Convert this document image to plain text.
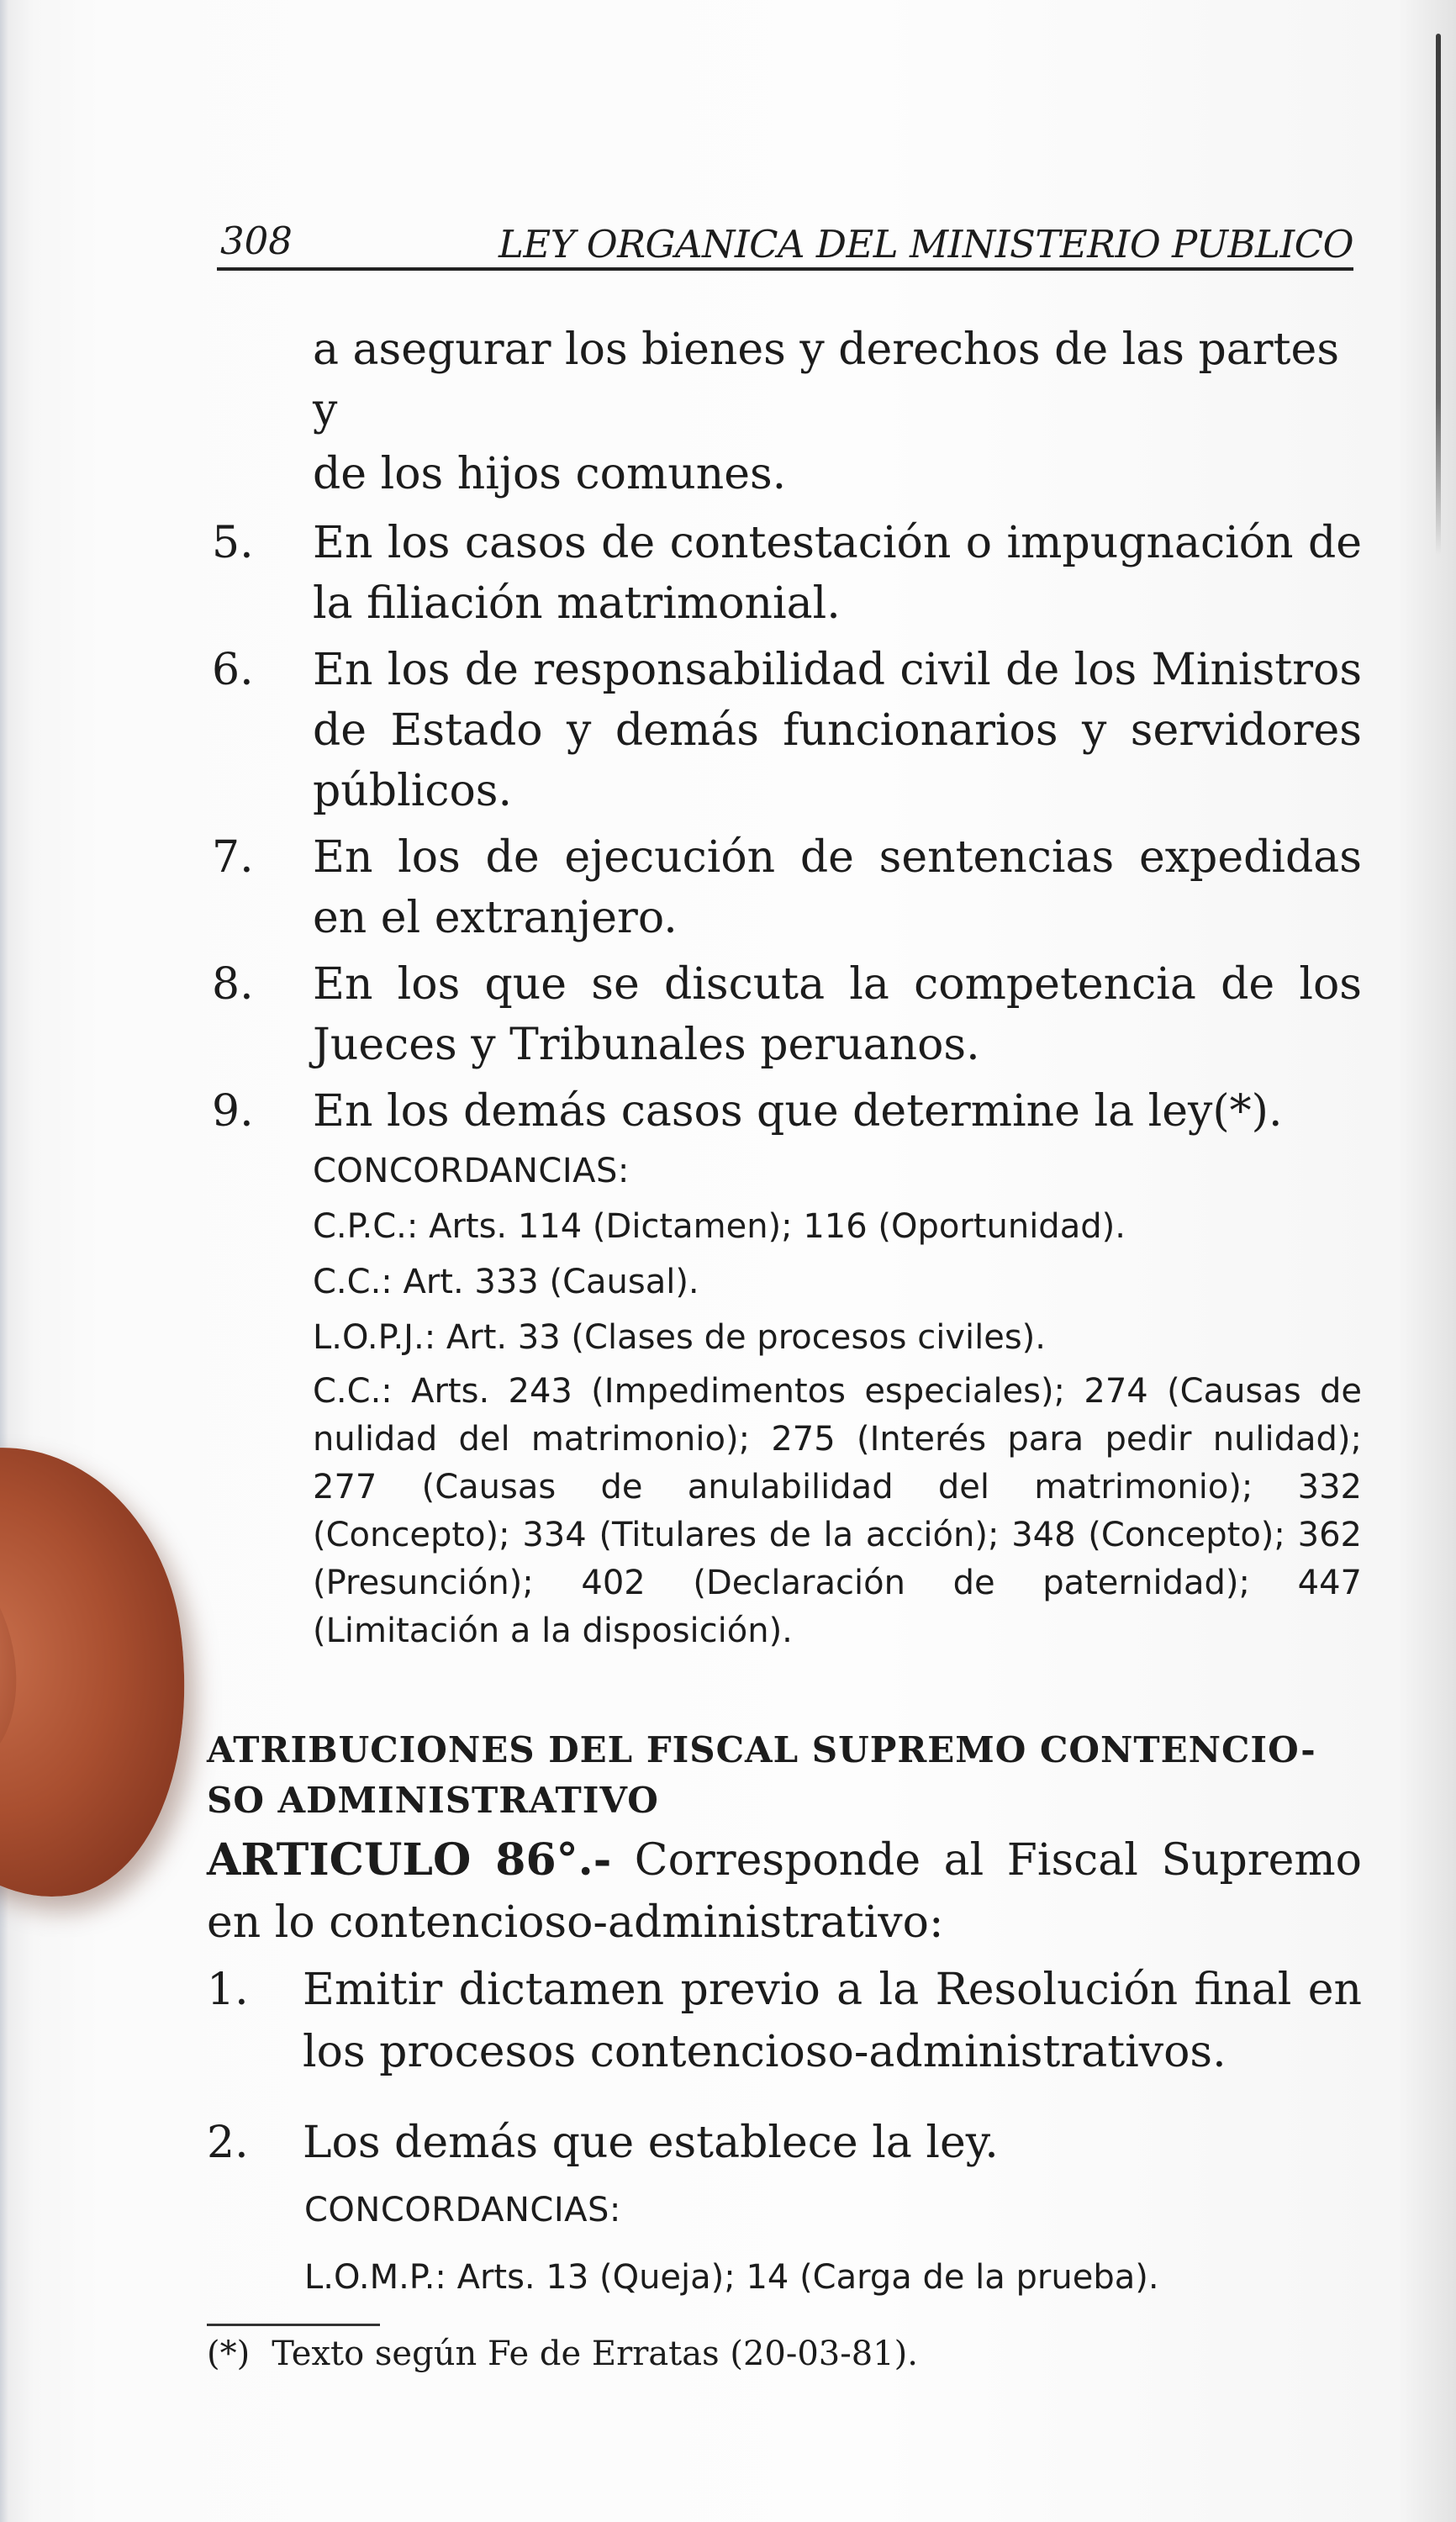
308	LEY ORGANICA DEL MINISTERIO PUBLICO
a asegurar los bienes y derechos de las partes y
de los hijos comunes.
5. En los casos de contestación o impugnación de la filiación matrimonial.
6. En los de responsabilidad civil de los Ministros de Estado y demás funcionarios y servidores públicos.
7. En los de ejecución de sentencias expedidas en el extranjero.
8. En los que se discuta la competencia de los Jueces y Tribunales peruanos.
9. En los demás casos que determine la ley(*).
CONCORDANCIAS:
C.P.C.: Arts. 114 (Dictamen); 116 (Oportunidad).
C.C.: Art. 333 (Causal).
L.O.P.J.: Art. 33 (Clases de procesos civiles).
C.C.: Arts. 243 (Impedimentos especiales); 274 (Causas de nulidad del matrimonio); 275 (Interés para pedir nulidad); 277 (Causas de anulabilidad del matrimonio); 332 (Concepto); 334 (Titulares de la acción); 348 (Concepto); 362 (Presunción); 402 (Declaración de paternidad); 447 (Limitación a la disposición).
ATRIBUCIONES DEL FISCAL SUPREMO CONTENCIO-
SO ADMINISTRATIVO
ARTICULO 86°.- Corresponde al Fiscal Supremo en lo contencioso-administrativo:
1. Emitir dictamen previo a la Resolución final en los procesos contencioso-administrativos.
2. Los demás que establece la ley.
CONCORDANCIAS:
L.O.M.P.: Arts. 13 (Queja); 14 (Carga de la prueba).
(*) Texto según Fe de Erratas (20-03-81).
